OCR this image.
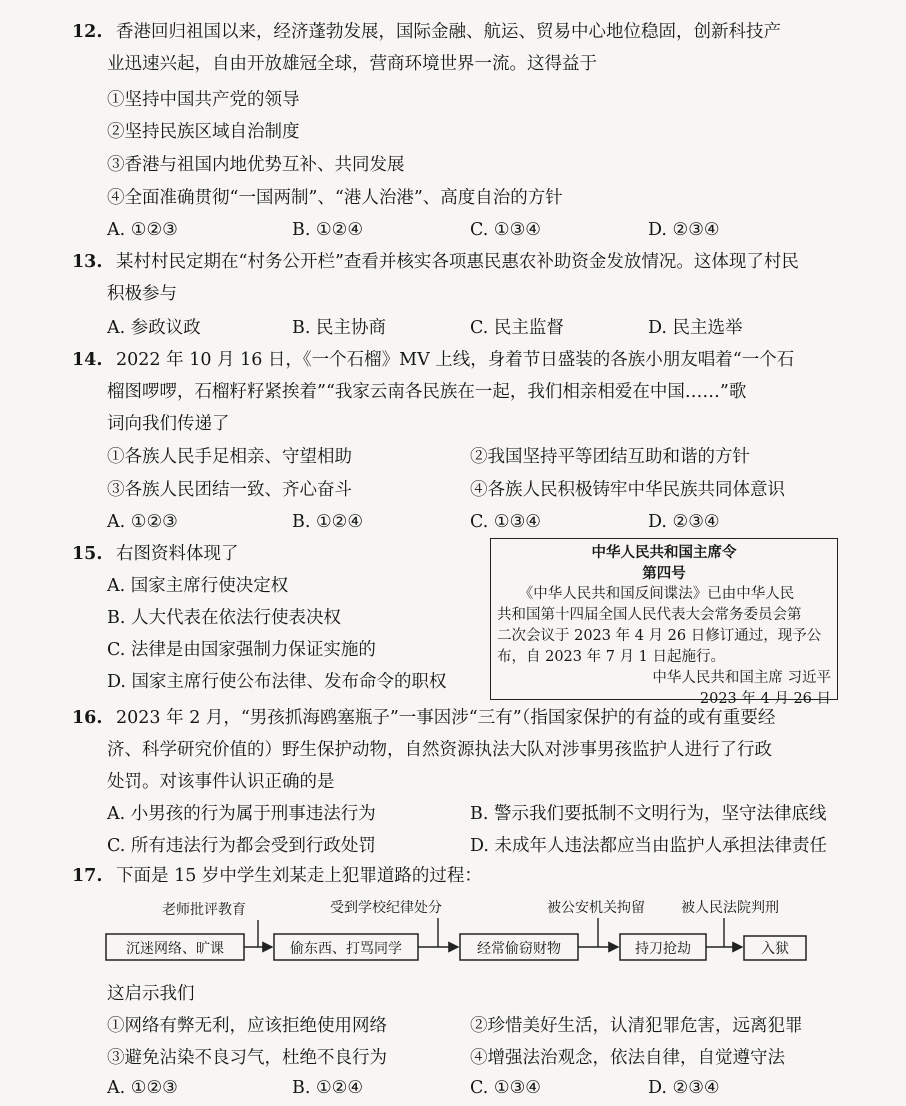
12. 香港回归祖国以来，经济蓬勃发展，国际金融、航运、贸易中心地位稳固，创新科技产
业迅速兴起，自由开放雄冠全球，营商环境世界一流。这得益于
①坚持中国共产党的领导
②坚持民族区域自治制度
③香港与祖国内地优势互补、共同发展
④全面准确贯彻“一国两制”、“港人治港”、高度自治的方针
A. ①②③	B. ①②④	C. ①③④	D. ②③④
13. 某村村民定期在“村务公开栏”查看并核实各项惠民惠农补助资金发放情况。这体现了村民
积极参与
A. 参政议政	B. 民主协商	C. 民主监督	D. 民主选举
14. 2022 年 10 月 16 日，《一个石榴》MV 上线，身着节日盛装的各族小朋友唱着“一个石
榴图啰啰，石榴籽籽紧挨着”“我家云南各民族在一起，我们相亲相爱在中国……”歌
词向我们传递了
①各族人民手足相亲、守望相助	②我国坚持平等团结互助和谐的方针
③各族人民团结一致、齐心奋斗	④各族人民积极铸牢中华民族共同体意识
A. ①②③	B. ①②④	C. ①③④	D. ②③④
15. 右图资料体现了
A. 国家主席行使决定权
B. 人大代表在依法行使表决权
C. 法律是由国家强制力保证实施的
D. 国家主席行使公布法律、发布命令的职权

中华人民共和国主席令

第四号

《中华人民共和国反间谍法》已由中华人民

共和国第十四届全国人民代表大会常务委员会第

二次会议于 2023 年 4 月 26 日修订通过，现予公

布，自 2023 年 7 月 1 日起施行。

中华人民共和国主席 习近平

2023 年 4 月 26 日

16. 2023 年 2 月，“男孩抓海鸥塞瓶子”一事因涉“三有”（指国家保护的有益的或有重要经
济、科学研究价值的）野生保护动物，自然资源执法大队对涉事男孩监护人进行了行政
处罚。对该事件认识正确的是
A. 小男孩的行为属于刑事违法行为	B. 警示我们要抵制不文明行为，坚守法律底线
C. 所有违法行为都会受到行政处罚	D. 未成年人违法都应当由监护人承担法律责任
17. 下面是 15 岁中学生刘某走上犯罪道路的过程：
沉迷网络、旷课	偷东西、打骂同学	经常偷窃财物	持刀抢劫	入狱
老师批评教育	受到学校纪律处分	被公安机关拘留	被人民法院判刑
这启示我们
①网络有弊无利，应该拒绝使用网络	②珍惜美好生活，认清犯罪危害，远离犯罪
③避免沾染不良习气，杜绝不良行为	④增强法治观念，依法自律，自觉遵守法
A. ①②③	B. ①②④	C. ①③④	D. ②③④
